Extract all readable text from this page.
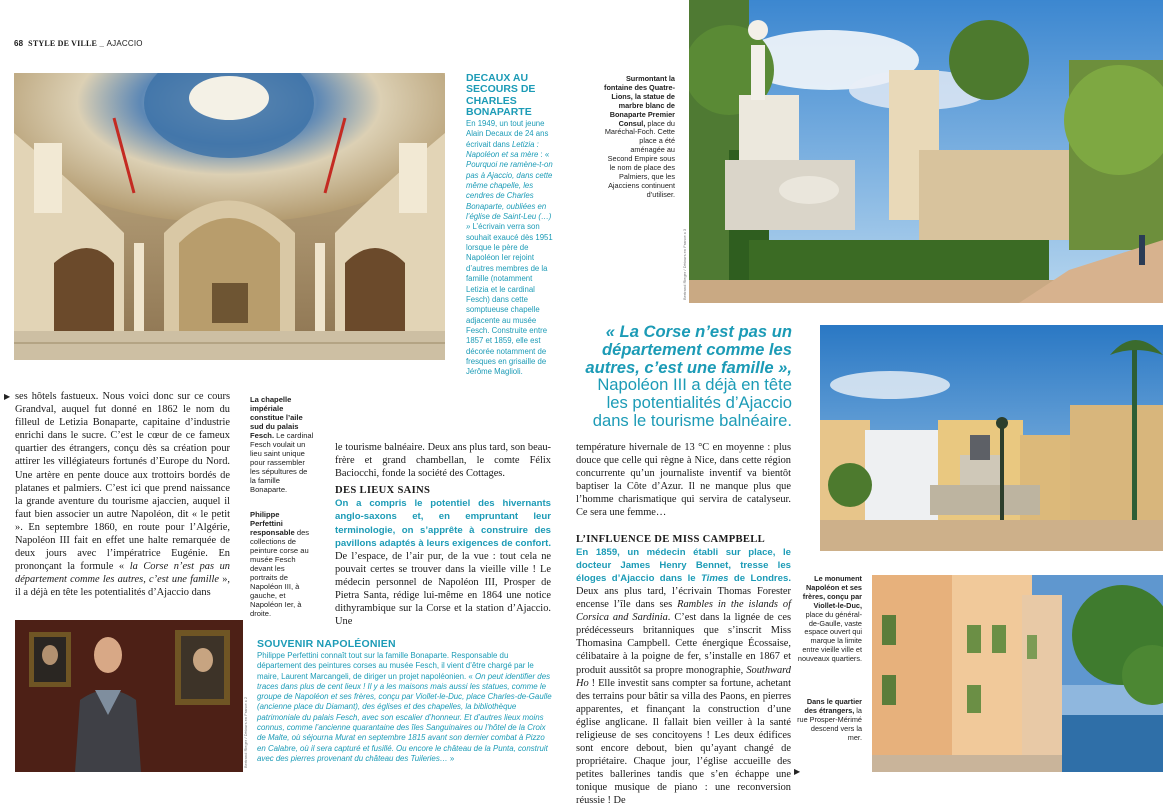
68 STYLE DE VILLE _ AJACCIO
DECAUX AU SECOURS DE CHARLES BONAPARTE
En 1949, un tout jeune Alain Decaux de 24 ans écrivait dans Letizia : Napoléon et sa mère : « Pourquoi ne ramène-t-on pas à Ajaccio, dans cette même chapelle, les cendres de Charles Bonaparte, oubliées en l’église de Saint-Leu (…) » L’écrivain verra son souhait exaucé dès 1951 lorsque le père de Napoléon Ier rejoint d’autres membres de la famille (notamment Letizia et le cardinal Fesch) dans cette somptueuse chapelle adjacente au musée Fesch. Construite entre 1857 et 1859, elle est décorée notamment de fresques en grisaille de Jérôme Maglioli.
Surmontant la fontaine des Quatre-Lions, la statue de marbre blanc de Bonaparte Premier Consul, place du Maréchal-Foch. Cette place a été aménagée au Second Empire sous le nom de place des Palmiers, que les Ajacciens continuent d’utiliser.
Bertrand Rieger / Détours en France x 3
« La Corse n’est pas un département comme les autres, c’est une famille », Napoléon III a déjà en tête les potentialités d’Ajaccio dans le tourisme balnéaire.
Le monument Napoléon et ses frères, conçu par Viollet-le-Duc, place du général-de-Gaulle, vaste espace ouvert qui marque la limite entre vieille ville et nouveaux quartiers.
Dans le quartier des étrangers, la rue Prosper-Mérimé descend vers la mer.
La chapelle impériale constitue l’aile sud du palais Fesch. Le cardinal Fesch voulait un lieu saint unique pour rassembler les sépultures de la famille Bonaparte.
Philippe Perfettini responsable des collections de peinture corse au musée Fesch devant les portraits de Napoléon III, à gauche, et Napoléon Ier, à droite.
▶ ses hôtels fastueux. Nous voici donc sur ce cours Grandval, auquel fut donné en 1862 le nom du filleul de Letizia Bonaparte, capitaine d’industrie enrichi dans le sucre. C’est le cœur de ce fameux quartier des étrangers, conçu dès sa création pour attirer les villégiateurs fortunés d’Europe du Nord. Une artère en pente douce aux trottoirs bordés de platanes et palmiers. C’est ici que prend naissance la grande aventure du tourisme ajaccien, auquel il faut bien associer un autre Napoléon, dit « le petit ». En septembre 1860, en route pour l’Algérie, Napoléon III fait en effet une halte remarquée de deux jours avec l’impératrice Eugénie. En prononçant la formule « la Corse n’est pas un département comme les autres, c’est une famille », il a déjà en tête les potentialités d’Ajaccio dans
Bertrand Rieger / Détours en France x 2

le tourisme balnéaire. Deux ans plus tard, son beau-frère et grand chambellan, le comte Félix Baciocchi, fonde la société des Cottages.

DES LIEUX SAINS

On a compris le potentiel des hivernants anglo-saxons et, en empruntant leur terminologie, on s’apprête à construire des pavillons adaptés à leurs exigences de confort. De l’espace, de l’air pur, de la vue : tout cela ne pouvait certes se trouver dans la vieille ville ! Le médecin personnel de Napoléon III, Prosper de Pietra Santa, rédige lui-même en 1864 une notice dithyrambique sur la Corse et la station d’Ajaccio. Une

SOUVENIR NAPOLÉONIEN
Philippe Perfettini connaît tout sur la famille Bonaparte. Responsable du département des peintures corses au musée Fesch, il vient d’être chargé par le maire, Laurent Marcangeli, de diriger un projet napoléonien. « On peut identifier des traces dans plus de cent lieux ! Il y a les maisons mais aussi les statues, comme le groupe de Napoléon et ses frères, conçu par Viollet-le-Duc, place Charles-de-Gaulle (ancienne place du Diamant), des églises et des chapelles, la bibliothèque patrimoniale du palais Fesch, avec son escalier d’honneur. Et d’autres lieux moins connus, comme l’ancienne quarantaine des îles Sanguinaires ou l’hôtel de la Croix de Malte, où séjourna Murat en septembre 1815 avant son dernier combat à Pizzo en Calabre, où il sera capturé et fusillé. Ou encore le château de la Punta, construit avec des pierres provenant du château des Tuileries… »

température hivernale de 13 °C en moyenne : plus douce que celle qui règne à Nice, dans cette région concurrente qu’un journaliste inventif va bientôt baptiser la Côte d’Azur. Il ne manque plus que l’homme charismatique qui servira de catalyseur. Ce sera une femme…

L’INFLUENCE DE MISS CAMPBELL

En 1859, un médecin établi sur place, le docteur James Henry Bennet, tresse les éloges d’Ajaccio dans le Times de Londres. Deux ans plus tard, l’écrivain Thomas Forester encense l’île dans ses Rambles in the islands of Corsica and Sardinia. C’est dans la lignée de ces prédécesseurs britanniques que s’inscrit Miss Thomasina Campbell. Cette énergique Écossaise, célibataire à la poigne de fer, s’installe en 1867 et produit aussitôt sa propre monographie, Southward Ho ! Elle investit sans compter sa fortune, achetant des terrains pour bâtir sa villa des Paons, en pierres apparentes, et finançant la construction d’une église anglicane. Il fallait bien veiller à la santé religieuse de ses concitoyens ! Les deux édifices sont encore debout, bien qu’ayant changé de propriétaire. Chaque jour, l’église accueille des petites ballerines tandis que s’en échappe une tonique musique de piano : une reconversion réussie ! De

▶
